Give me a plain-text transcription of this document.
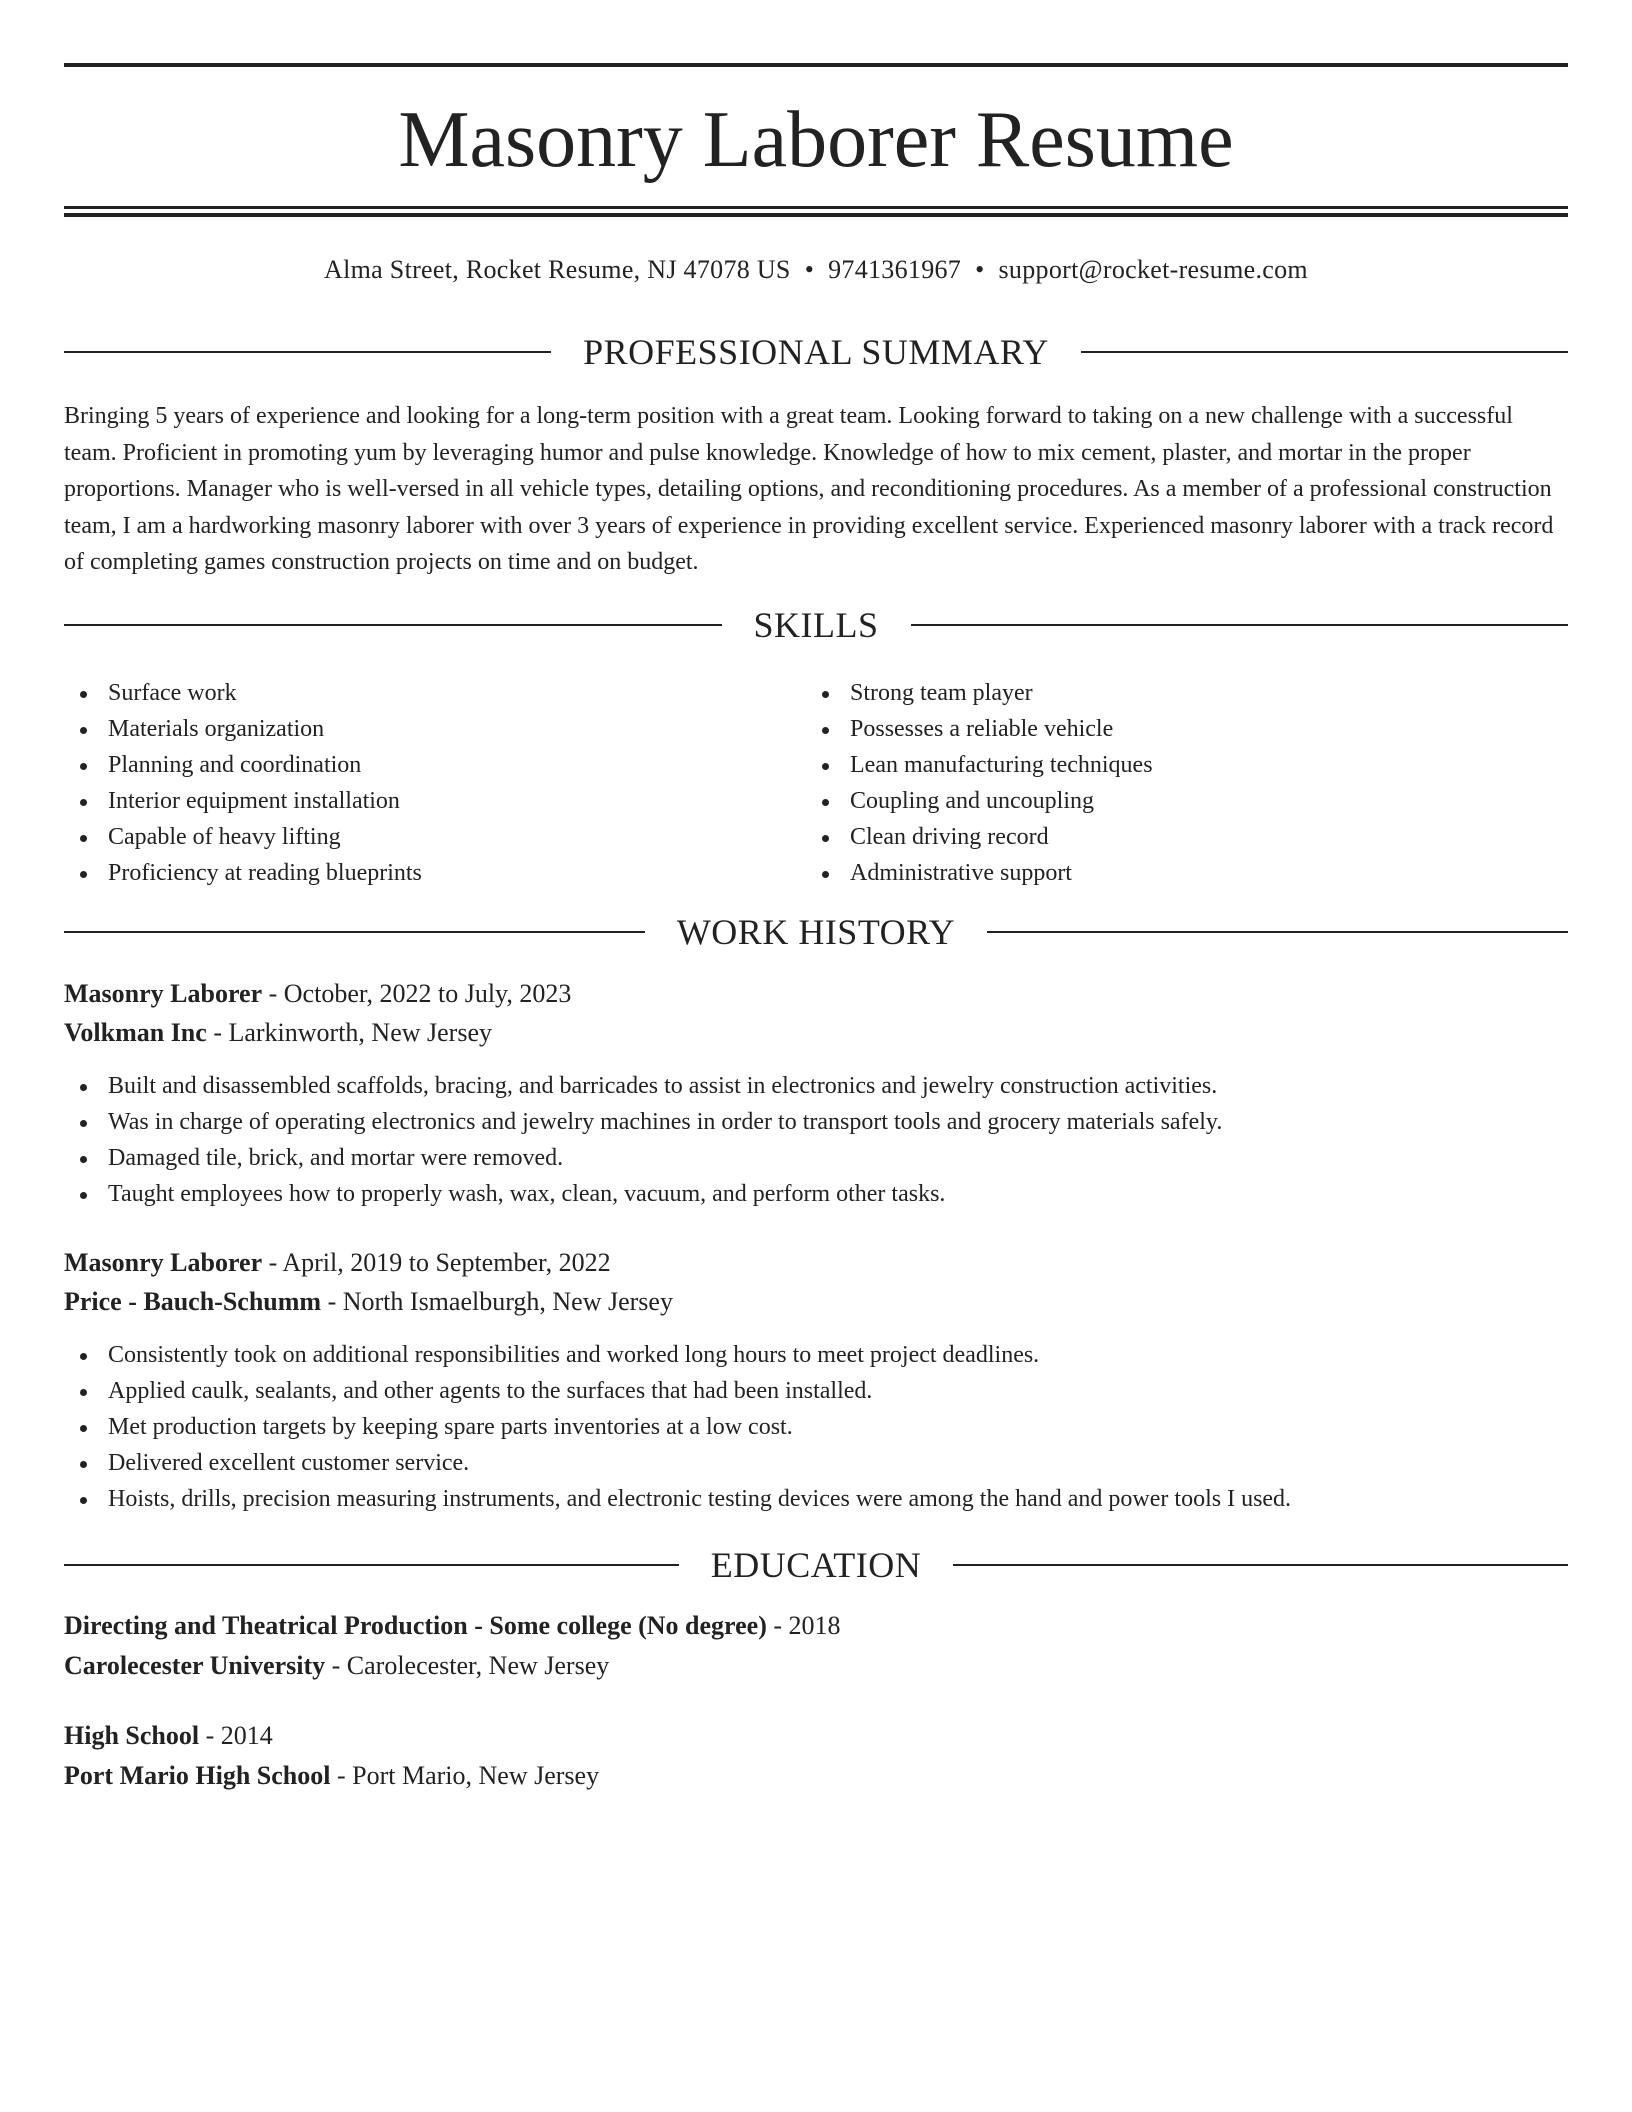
Masonry Laborer Resume
Alma Street, Rocket Resume, NJ 47078 US • 9741361967 • support@rocket-resume.com
PROFESSIONAL SUMMARY

Bringing 5 years of experience and looking for a long-term position with a great team. Looking forward to taking on a new challenge with a successful team. Proficient in promoting yum by leveraging humor and pulse knowledge. Knowledge of how to mix cement, plaster, and mortar in the proper proportions. Manager who is well-versed in all vehicle types, detailing options, and reconditioning procedures. As a member of a professional construction team, I am a hardworking masonry laborer with over 3 years of experience in providing excellent service. Experienced masonry laborer with a track record of completing games construction projects on time and on budget.

SKILLS
Surface work
Materials organization
Planning and coordination
Interior equipment installation
Capable of heavy lifting
Proficiency at reading blueprints
Strong team player
Possesses a reliable vehicle
Lean manufacturing techniques
Coupling and uncoupling
Clean driving record
Administrative support
WORK HISTORY
Masonry Laborer - October, 2022 to July, 2023
Volkman Inc - Larkinworth, New Jersey
Built and disassembled scaffolds, bracing, and barricades to assist in electronics and jewelry construction activities.
Was in charge of operating electronics and jewelry machines in order to transport tools and grocery materials safely.
Damaged tile, brick, and mortar were removed.
Taught employees how to properly wash, wax, clean, vacuum, and perform other tasks.
Masonry Laborer - April, 2019 to September, 2022
Price - Bauch-Schumm - North Ismaelburgh, New Jersey
Consistently took on additional responsibilities and worked long hours to meet project deadlines.
Applied caulk, sealants, and other agents to the surfaces that had been installed.
Met production targets by keeping spare parts inventories at a low cost.
Delivered excellent customer service.
Hoists, drills, precision measuring instruments, and electronic testing devices were among the hand and power tools I used.
EDUCATION
Directing and Theatrical Production - Some college (No degree) - 2018
Carolecester University - Carolecester, New Jersey
High School - 2014
Port Mario High School - Port Mario, New Jersey
